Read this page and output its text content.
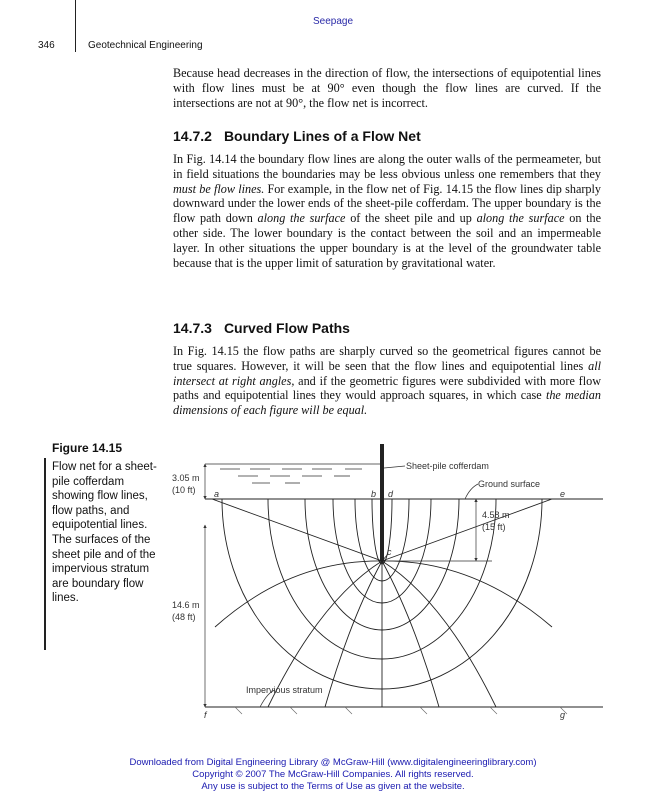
Seepage
346	Geotechnical Engineering

Because head decreases in the direction of flow, the intersections of equipotential lines with flow lines must be at 90° even though the flow lines are curved. If the intersections are not at 90°, the flow net is incorrect.

14.7.2 Boundary Lines of a Flow Net

In Fig. 14.14 the boundary flow lines are along the outer walls of the permeameter, but in field situations the boundaries may be less obvious unless one remembers that they must be flow lines. For example, in the flow net of Fig. 14.15 the flow lines dip sharply downward under the lower ends of the sheet-pile cofferdam. The upper boundary is the flow path down along the surface of the sheet pile and up along the surface on the other side. The lower boundary is the contact between the soil and an impermeable layer. In other situations the upper boundary is at the level of the groundwater table because that is the upper limit of saturation by gravitational water.

14.7.3 Curved Flow Paths

In Fig. 14.15 the flow paths are sharply curved so the geometrical figures cannot be true squares. However, it will be seen that the flow lines and equipotential lines all intersect at right angles, and if the geometric figures were subdivided with more flow paths and equipotential lines they would approach squares, in which case the median dimensions of each figure will be equal.

Figure 14.15

Flow net for a sheet-pile cofferdam showing flow lines, flow paths, and equipotential lines. The surfaces of the sheet pile and of the impervious stratum are boundary flow lines.

Sheet-pile cofferdam
Ground surface
Impervious stratum
3.05 m
(10 ft)
4.58 m
(15 ft)
14.6 m
(48 ft)
a	b
c
d	e
f	g
Downloaded from Digital Engineering Library @ McGraw-Hill (www.digitalengineeringlibrary.com)
Copyright © 2007 The McGraw-Hill Companies. All rights reserved.
Any use is subject to the Terms of Use as given at the website.
